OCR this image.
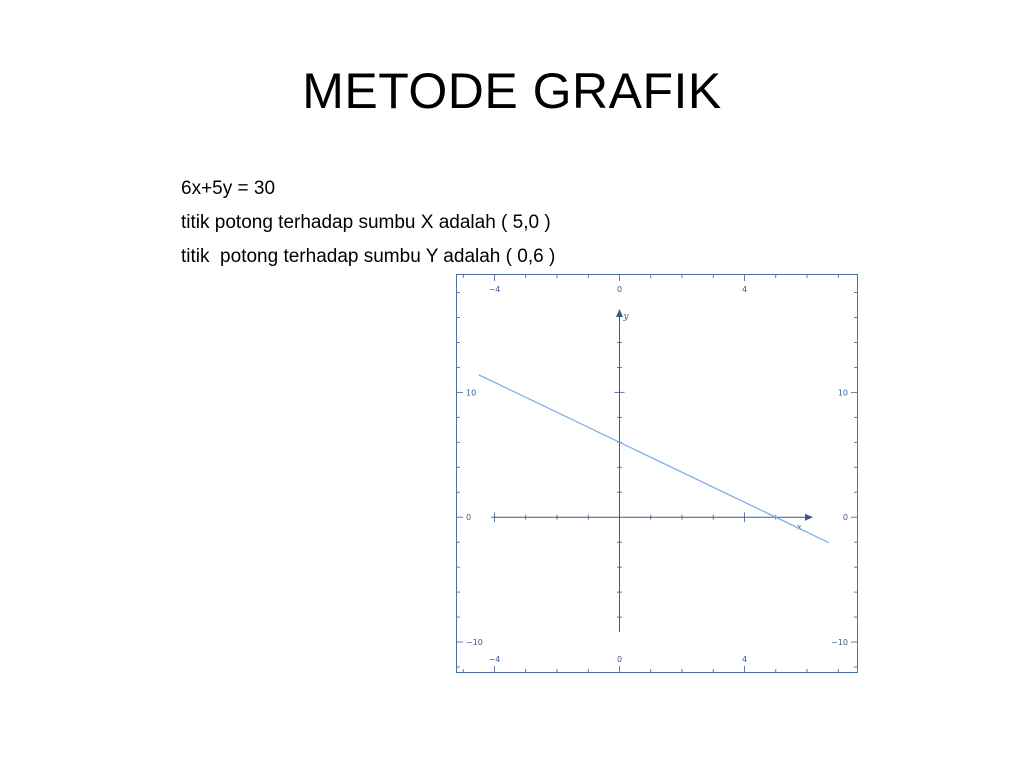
METODE GRAFIK
6x+5y = 30
titik potong terhadap sumbu X adalah ( 5,0 )
titik  potong terhadap sumbu Y adalah ( 0,6 )
−4
−4
0
0
4
4
10	10
0	0
−10	−10
x
y
